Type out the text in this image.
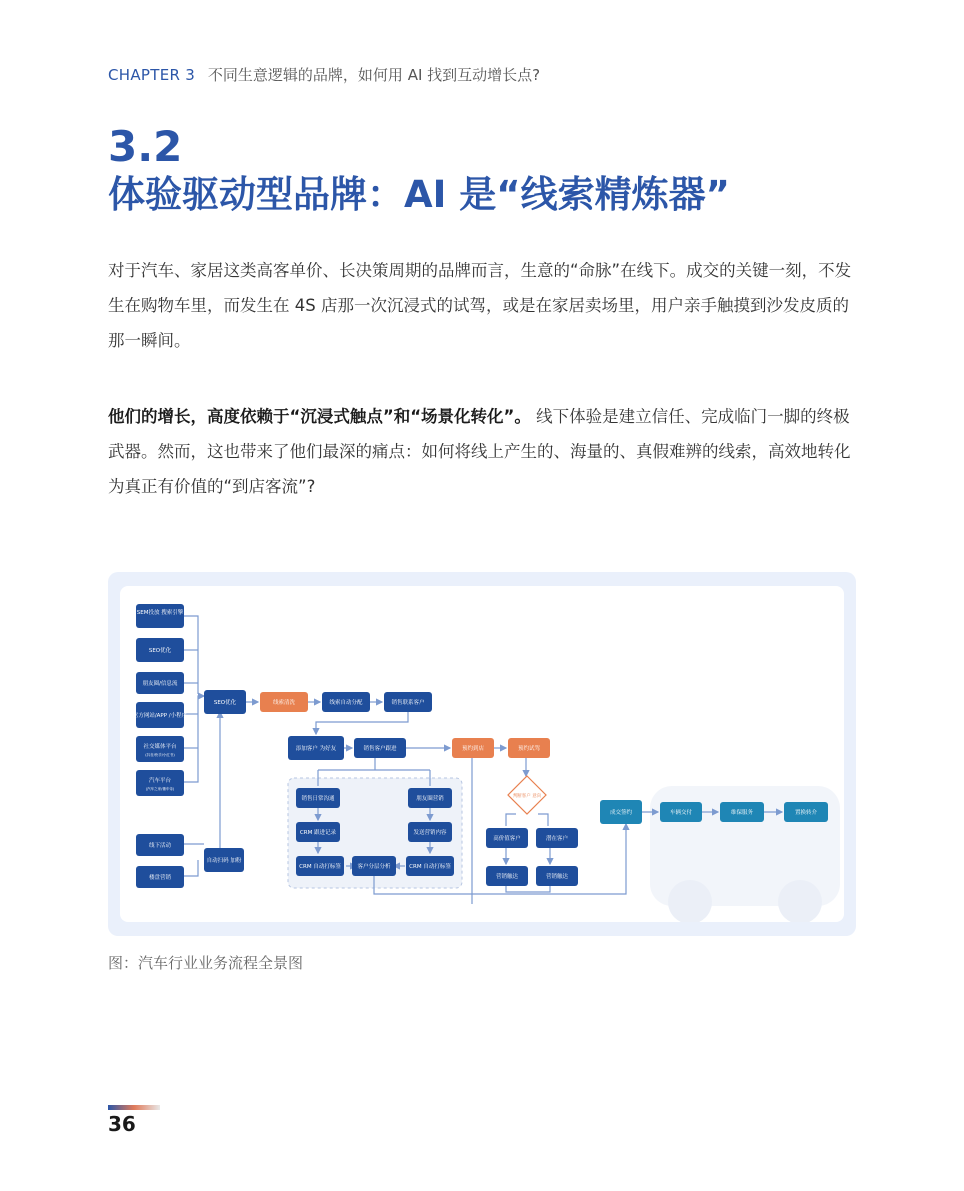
CHAPTER 3 不同生意逻辑的品牌，如何用 AI 找到互动增长点?
3.2
体验驱动型品牌：AI 是“线索精炼器”
对于汽车、家居这类高客单价、长决策周期的品牌而言，生意的“命脉”在线下。成交的关键一刻，不发生在购物车里，而发生在 4S 店那一次沉浸式的试驾，或是在家居卖场里，用户亲手触摸到沙发皮质的那一瞬间。
他们的增长，高度依赖于“沉浸式触点”和“场景化转化”。 线下体验是建立信任、完成临门一脚的终极武器。然而，这也带来了他们最深的痛点：如何将线上产生的、海量的、真假难辨的线索，高效地转化为真正有价值的“到店客流”?
SEM投放 搜索引擎
SEO优化
朋友圈/信息流
官方网站/APP /小程序
社交媒体平台
(抖音/快手/小红书)
汽车平台
(汽车之家/懂车帝)
线下活动
楼盘营销
SEO优化	线索清洗	线索自动分配	销售联系客户
添加客户 为好友	销售客户跟进	预约到店	预约试驾
销售日常沟通	朋友圈营销
CRM 跟进记录	发送营销内容
CRM 自动打标签	客户分层分析	CRM 自动打标签
自动扫码 加粉
判断客户 意向
高价值客户	潜在客户
营销触达	营销触达
成交签约	车辆交付	维保服务	置换转介
图：汽车行业业务流程全景图
36
